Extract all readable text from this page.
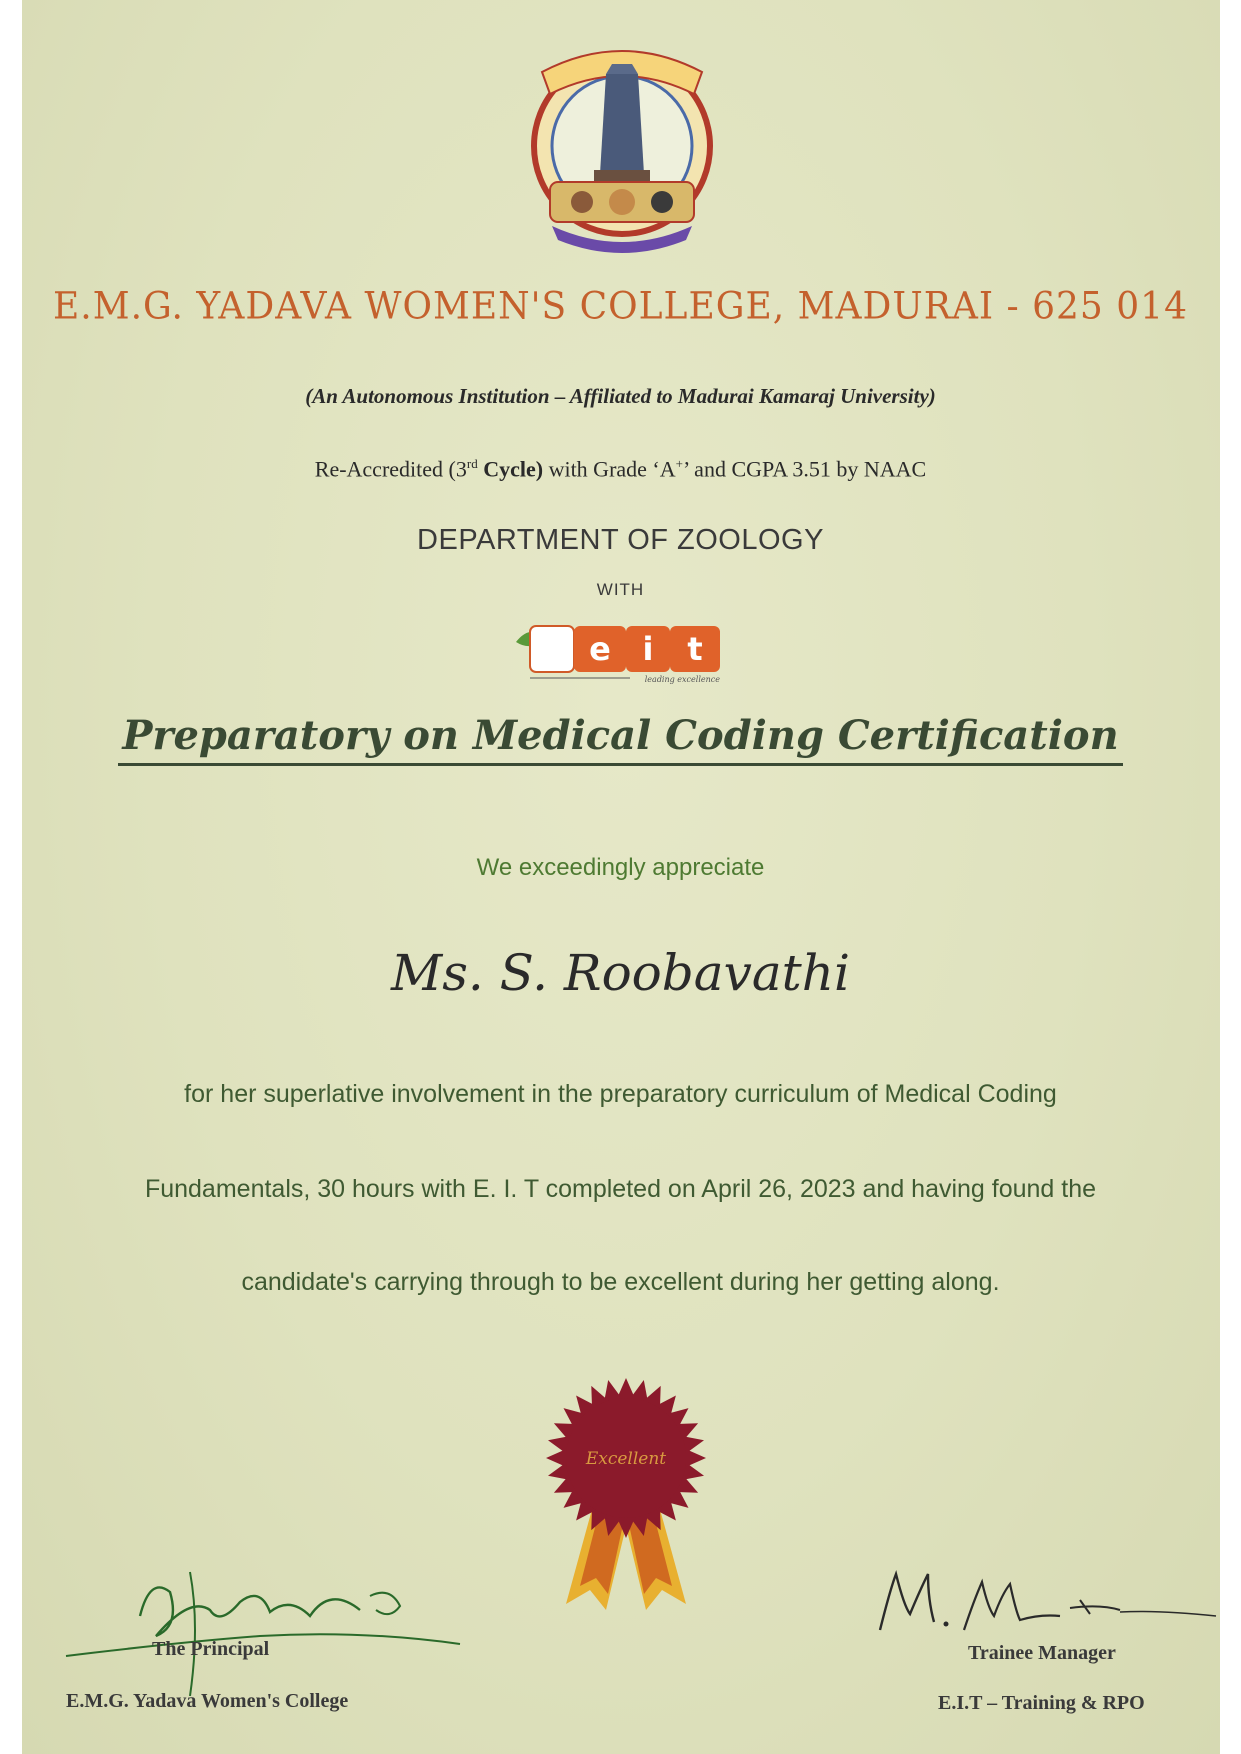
E.M.G. YADAVA WOMEN'S COLLEGE, MADURAI - 625 014
(An Autonomous Institution – Affiliated to Madurai Kamaraj University)
Re-Accredited (3rd Cycle) with Grade ‘A+’ and CGPA 3.51 by NAAC
DEPARTMENT OF ZOOLOGY
WITH
e i t
leading excellence
Preparatory on Medical Coding Certification
We exceedingly appreciate
Ms. S. Roobavathi
for her superlative involvement in the preparatory curriculum of Medical Coding
Fundamentals, 30 hours with E. I. T completed on April 26, 2023 and having found the
candidate's carrying through to be excellent during her getting along.
Excellent
The Principal
E.M.G. Yadava Women's College
Trainee Manager
E.I.T – Training & RPO
